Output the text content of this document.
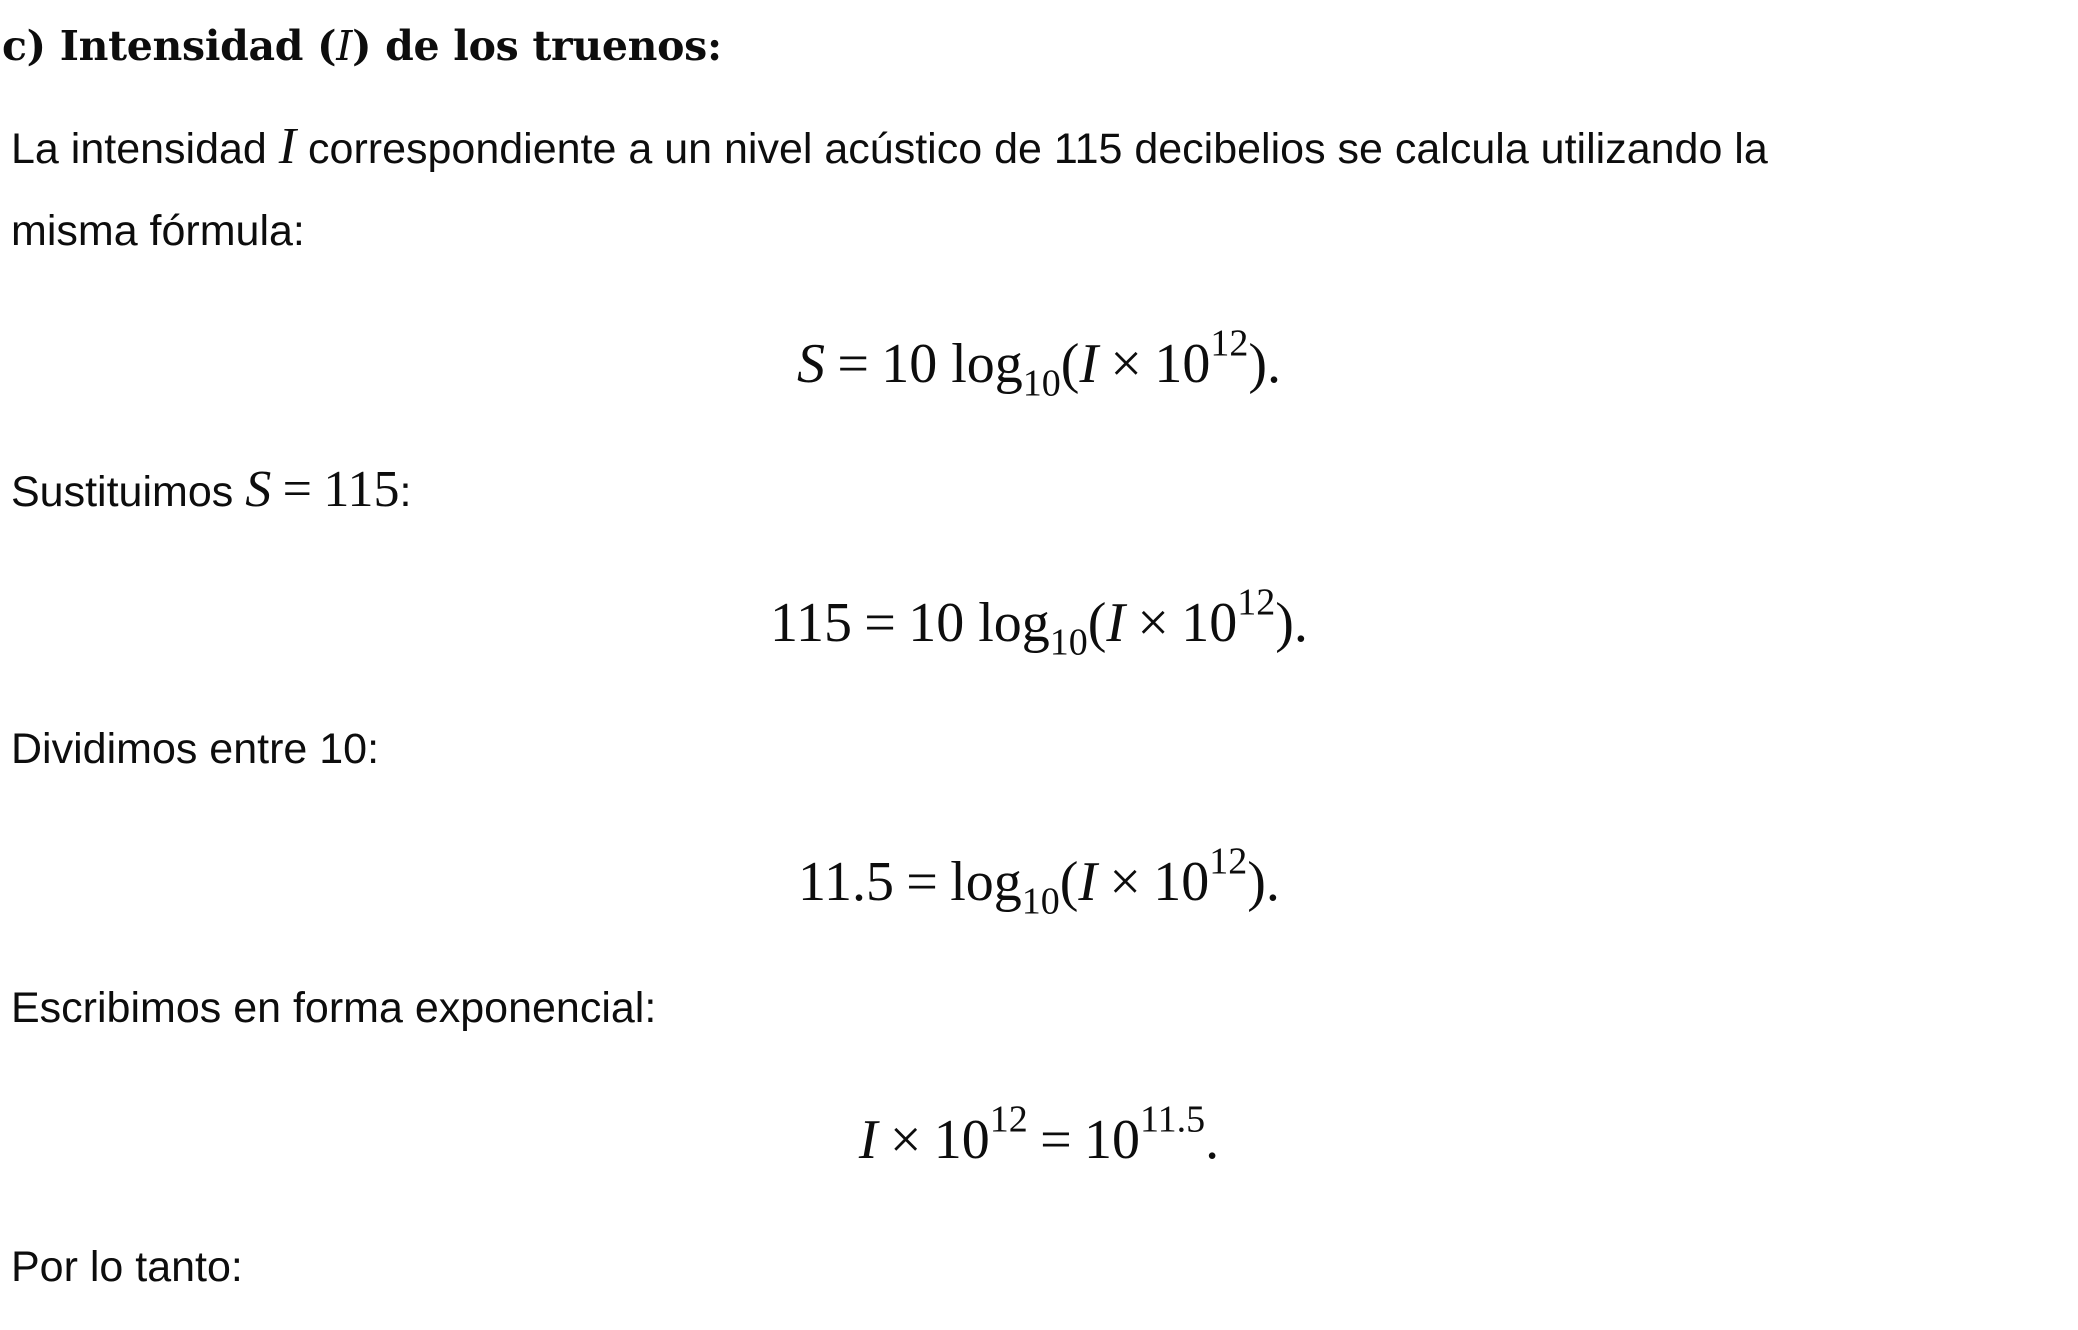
c) Intensidad (I) de los truenos:
La intensidad I correspondiente a un nivel acústico de 115 decibelios se calcula utilizando la
misma fórmula:
S = 10 $\log_{10}(I \times 10^{12})$.
Sustituimos S = 115:
115 = 10 $\log_{10}(I \times 10^{12})$.
Dividimos entre 10:
$11.5 = \log_{10}(I \times 10^{12})$.
Escribimos en forma exponencial:
$I \times 10^{12} = 10^{11.5}$.
Por lo tanto:
